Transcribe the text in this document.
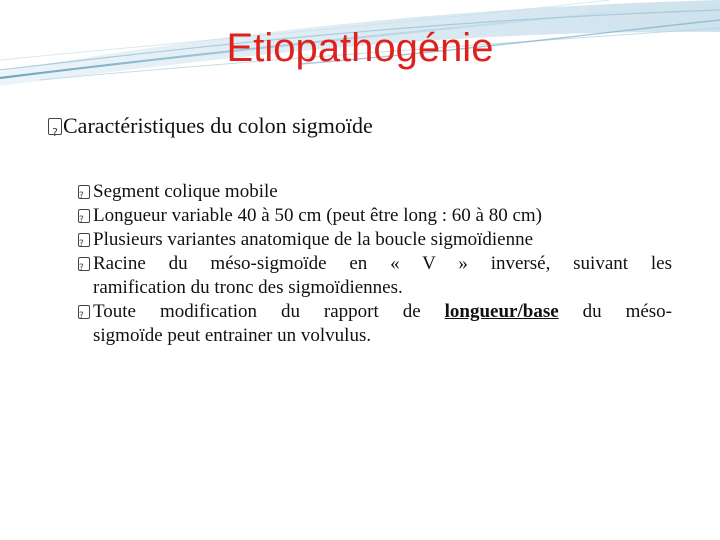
Etiopathogénie
?
Caractéristiques du colon sigmoïde
?
Segment colique mobile
?
Longueur variable 40 à 50 cm (peut être long : 60 à 80 cm)
?
Plusieurs variantes anatomique de la boucle sigmoïdienne
?
Racine du méso-sigmoïde en « V » inversé, suivant les
ramification du tronc des sigmoïdiennes.
?
Toute modification du rapport de longueur/base du méso-
sigmoïde peut entrainer un volvulus.
